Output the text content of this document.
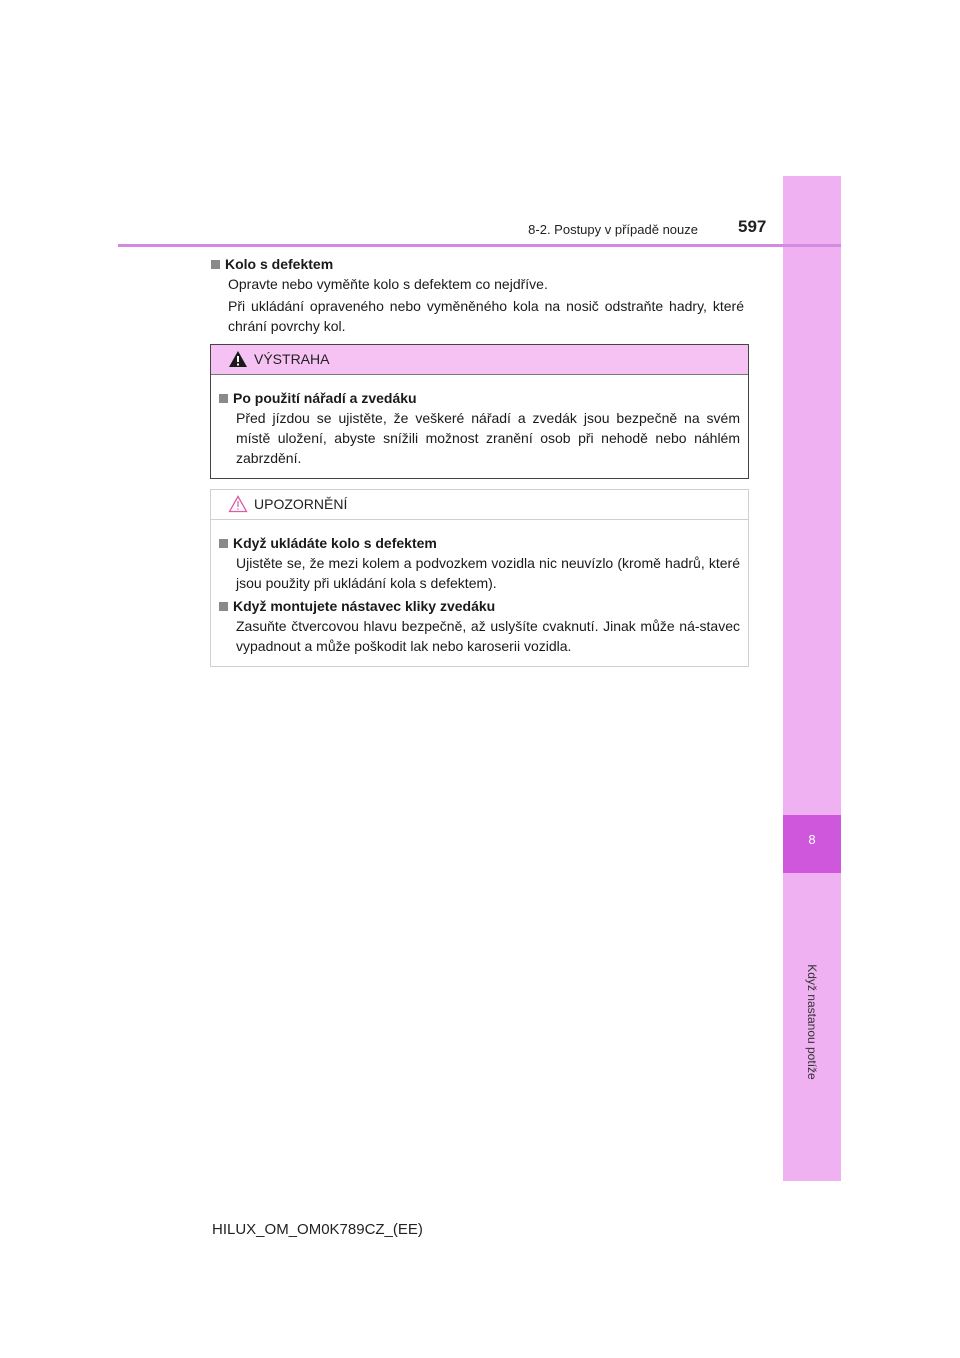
8
Když nastanou potíže
8-2. Postupy v případě nouze 597

Kolo s defektem

Opravte nebo vyměňte kolo s defektem co nejdříve.

Při ukládání opraveného nebo vyměněného kola na nosič odstraňte hadry, které chrání povrchy kol.

VÝSTRAHA

Po použití nářadí a zvedáku

Před jízdou se ujistěte, že veškeré nářadí a zvedák jsou bezpečně na svém místě uložení, abyste snížili možnost zranění osob při nehodě nebo náhlém zabrzdění.

UPOZORNĚNÍ

Když ukládáte kolo s defektem

Ujistěte se, že mezi kolem a podvozkem vozidla nic neuvízlo (kromě hadrů, které jsou použity při ukládání kola s defektem).

Když montujete nástavec kliky zvedáku

Zasuňte čtvercovou hlavu bezpečně, až uslyšíte cvaknutí. Jinak může ná-stavec vypadnout a může poškodit lak nebo karoserii vozidla.

HILUX_OM_OM0K789CZ_(EE)
